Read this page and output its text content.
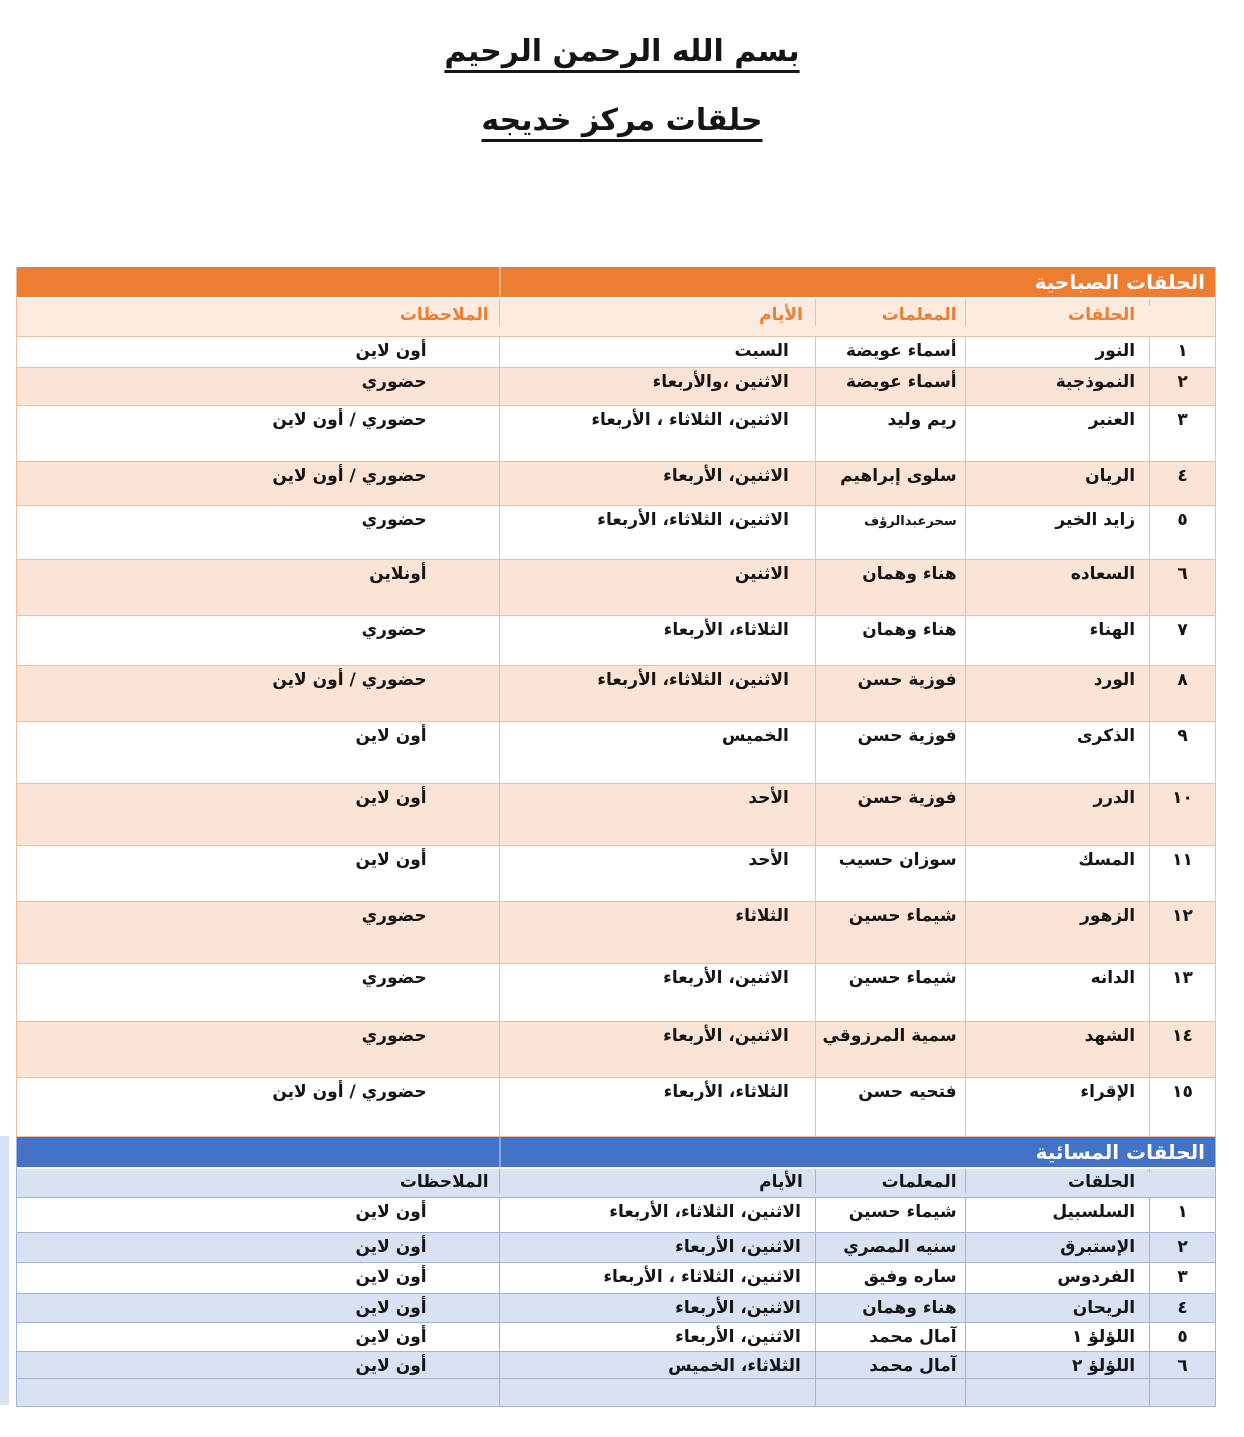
بسم الله الرحمن الرحيم
حلقات مركز خديجه
الحلقات الصباحية
الحلقات
المعلمات
الأيام
الملاحظات
١
النور
أسماء عويضة
السبت
أون لاين
٢
النموذجية
أسماء عويضة
الاثنين ،والأربعاء
حضوري
٣
العنبر
ريم وليد
الاثنين، الثلاثاء ، الأربعاء
حضوري / أون لاين
٤
الريان
سلوى إبراهيم
الاثنين، الأربعاء
حضوري / أون لاين
٥
زايد الخير
سحرعبدالرؤف
الاثنين، الثلاثاء، الأربعاء
حضوري
٦
السعاده
هناء وهمان
الاثنين
أونلاين
٧
الهناء
هناء وهمان
الثلاثاء، الأربعاء
حضوري
٨
الورد
فوزية حسن
الاثنين، الثلاثاء، الأربعاء
حضوري / أون لاين
٩
الذكرى
فوزية حسن
الخميس
أون لاين
١٠
الدرر
فوزية حسن
الأحد
أون لاين
١١
المسك
سوزان حسيب
الأحد
أون لاين
١٢
الزهور
شيماء حسين
الثلاثاء
حضوري
١٣
الدانه
شيماء حسين
الاثنين، الأربعاء
حضوري
١٤
الشهد
سمية المرزوقي
الاثنين، الأربعاء
حضوري
١٥
الإقراء
فتحيه حسن
الثلاثاء، الأربعاء
حضوري / أون لاين
الحلقات المسائية
الحلقات
المعلمات
الأيام
الملاحظات
١
السلسبيل
شيماء حسين
الاثنين، الثلاثاء، الأربعاء
أون لاين
٢
الإستبرق
سنيه المصري
الاثنين، الأربعاء
أون لاين
٣
الفردوس
ساره وفيق
الاثنين، الثلاثاء ، الأربعاء
أون لاين
٤
الريحان
هناء وهمان
الاثنين، الأربعاء
أون لاين
٥
اللؤلؤ ١
آمال محمد
الاثنين، الأربعاء
أون لاين
٦
اللؤلؤ ٢
آمال محمد
الثلاثاء، الخميس
أون لاين
